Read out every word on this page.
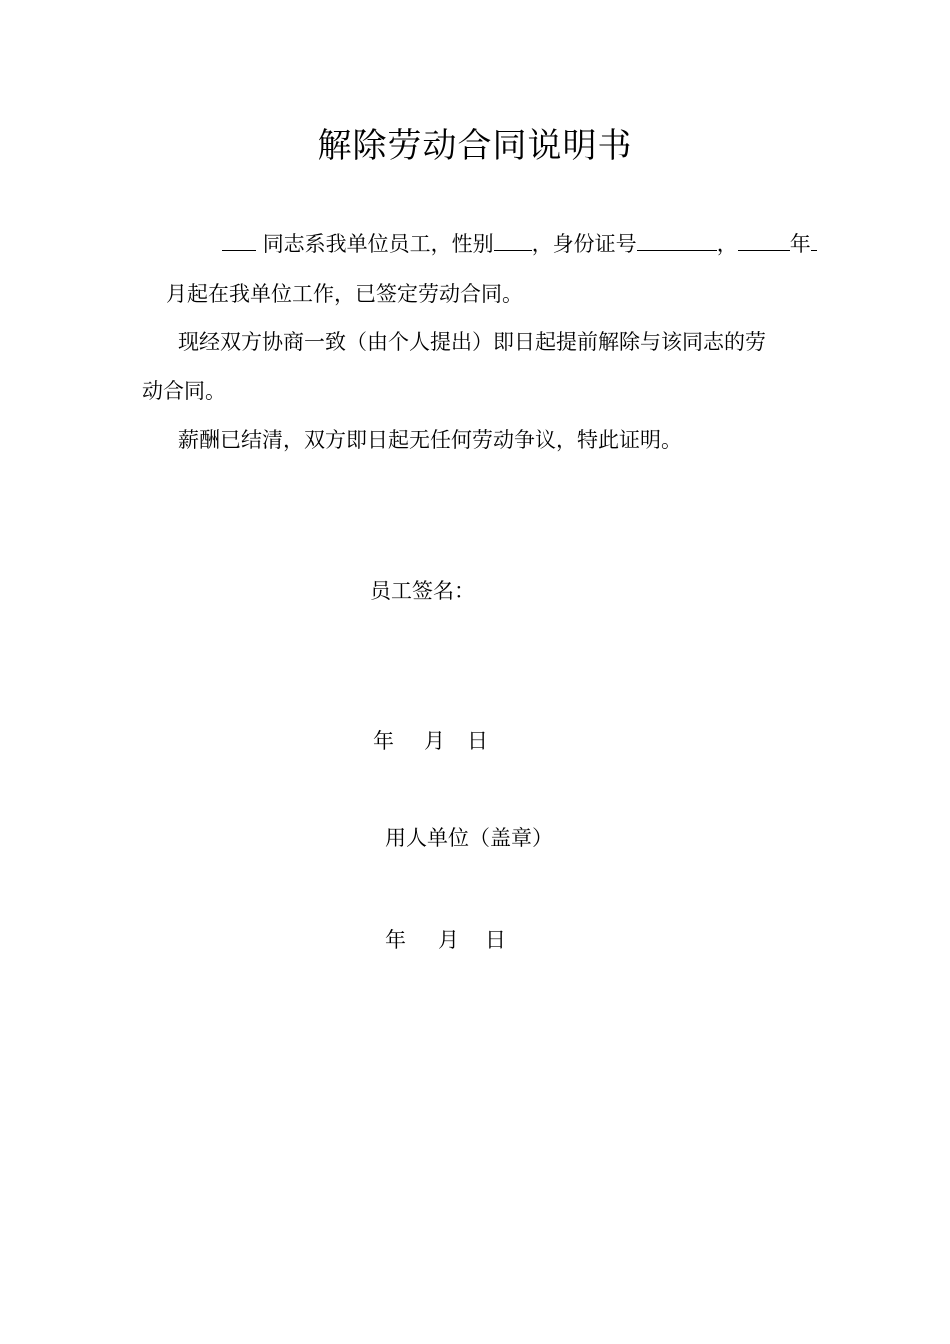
解除劳动合同说明书
同志系我单位员工，性别 ，身份证号	， 年
月起在我单位工作，已签定劳动合同。
现经双方协商一致（由个人提出）即日起提前解除与该同志的劳
动合同。
薪酬已结清，双方即日起无任何劳动争议，特此证明。
员工签名：
年 月 日
用人单位（盖章）
年 月 日
